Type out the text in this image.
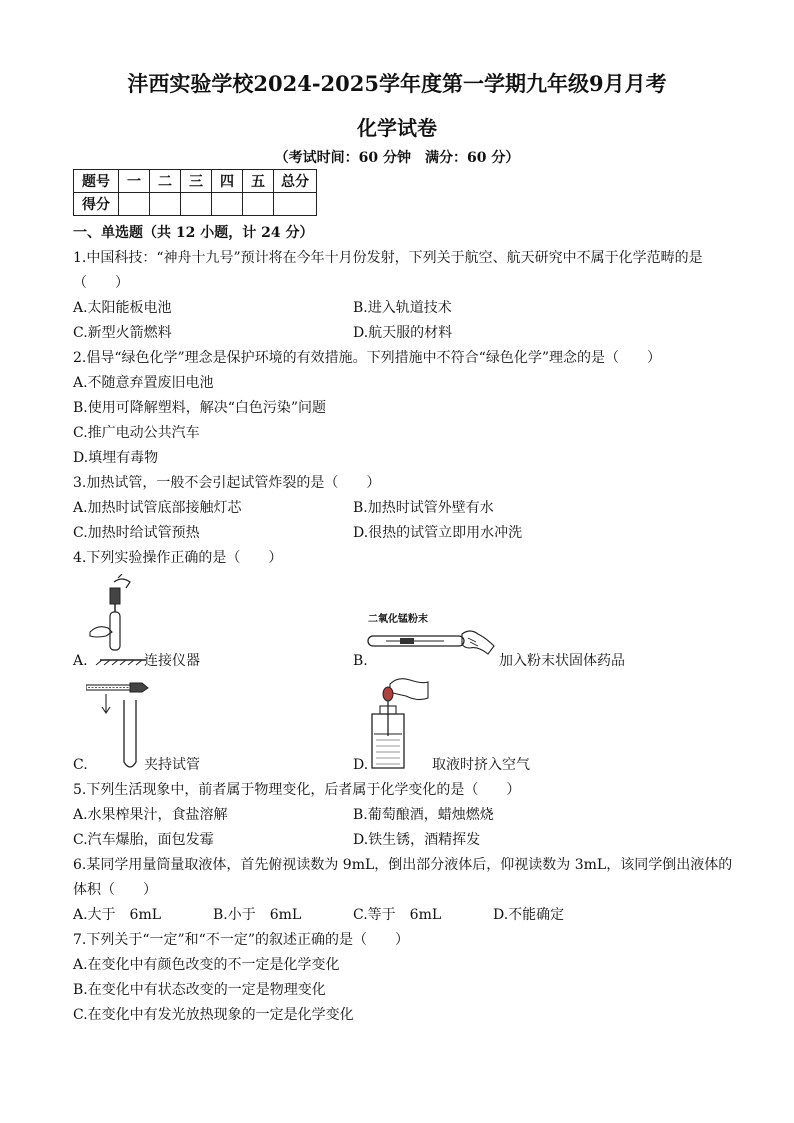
沣西实验学校2024-2025学年度第一学期九年级9月月考
化学试卷
（考试时间：60 分钟　满分：60 分）
题号	一	二	三	四	五	总分
得分						
一、单选题（共 12 小题，计 24 分）
1.中国科技：“神舟十九号”预计将在今年十月份发射，下列关于航空、航天研究中不属于化学范畴的是
（　　）
A.太阳能板电池	B.进入轨道技术
C.新型火箭燃料	D.航天服的材料
2.倡导“绿色化学”理念是保护环境的有效措施。下列措施中不符合“绿色化学”理念的是（　　）
A.不随意弃置废旧电池
B.使用可降解塑料，解决“白色污染”问题
C.推广电动公共汽车
D.填埋有毒物
3.加热试管，一般不会引起试管炸裂的是（　　）
A.加热时试管底部接触灯芯	B.加热时试管外壁有水
C.加热时给试管预热	D.很热的试管立即用水冲洗
4.下列实验操作正确的是（　　）
A.	连接仪器
二氧化锰粉末
B.	加入粉末状固体药品
C.	夹持试管	D.	取液时挤入空气
5.下列生活现象中，前者属于物理变化，后者属于化学变化的是（　　）
A.水果榨果汁，食盐溶解	B.葡萄酿酒，蜡烛燃烧
C.汽车爆胎，面包发霉	D.铁生锈，酒精挥发
6.某同学用量筒量取液体，首先俯视读数为 9mL，倒出部分液体后，仰视读数为 3mL，该同学倒出液体的
体积（　　）
A.大于　6mL	B.小于　6mL	C.等于　6mL	D.不能确定
7.下列关于“一定”和“不一定”的叙述正确的是（　　）
A.在变化中有颜色改变的不一定是化学变化
B.在变化中有状态改变的一定是物理变化
C.在变化中有发光放热现象的一定是化学变化
